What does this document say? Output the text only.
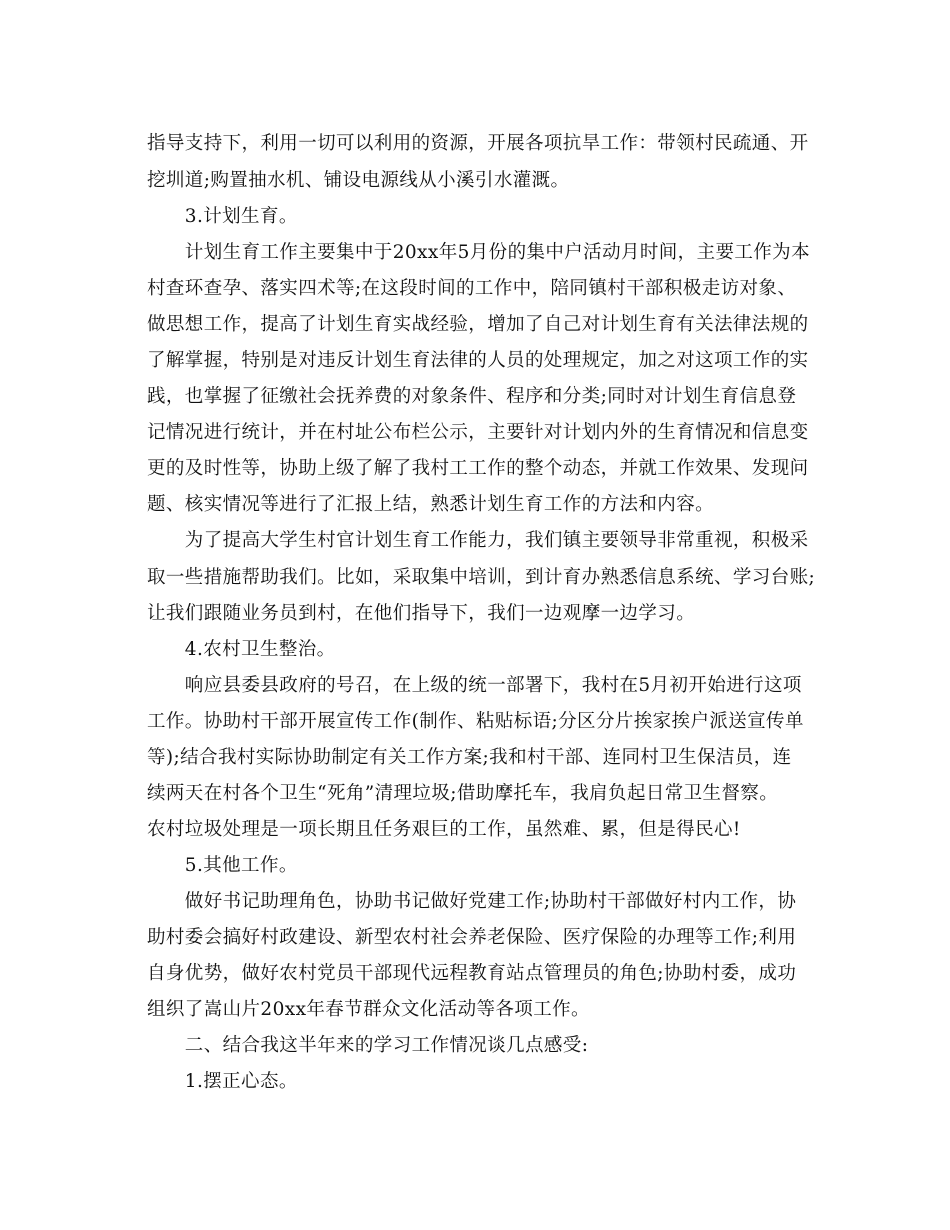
指导支持下，利用一切可以利用的资源，开展各项抗旱工作：带领村民疏通、开
挖圳道;购置抽水机、铺设电源线从小溪引水灌溉。
　　3.计划生育。
　　计划生育工作主要集中于20xx年5月份的集中户活动月时间，主要工作为本
村查环查孕、落实四术等;在这段时间的工作中，陪同镇村干部积极走访对象、
做思想工作，提高了计划生育实战经验，增加了自己对计划生育有关法律法规的
了解掌握，特别是对违反计划生育法律的人员的处理规定，加之对这项工作的实
践，也掌握了征缴社会抚养费的对象条件、程序和分类;同时对计划生育信息登
记情况进行统计，并在村址公布栏公示，主要针对计划内外的生育情况和信息变
更的及时性等，协助上级了解了我村工工作的整个动态，并就工作效果、发现问
题、核实情况等进行了汇报上结，熟悉计划生育工作的方法和内容。
　　为了提高大学生村官计划生育工作能力，我们镇主要领导非常重视，积极采
取一些措施帮助我们。比如，采取集中培训，到计育办熟悉信息系统、学习台账;
让我们跟随业务员到村，在他们指导下，我们一边观摩一边学习。
　　4.农村卫生整治。
　　响应县委县政府的号召，在上级的统一部署下，我村在5月初开始进行这项
工作。协助村干部开展宣传工作(制作、粘贴标语;分区分片挨家挨户派送宣传单
等);结合我村实际协助制定有关工作方案;我和村干部、连同村卫生保洁员，连
续两天在村各个卫生“死角”清理垃圾;借助摩托车，我肩负起日常卫生督察。
农村垃圾处理是一项长期且任务艰巨的工作，虽然难、累，但是得民心!
　　5.其他工作。
　　做好书记助理角色，协助书记做好党建工作;协助村干部做好村内工作，协
助村委会搞好村政建设、新型农村社会养老保险、医疗保险的办理等工作;利用
自身优势，做好农村党员干部现代远程教育站点管理员的角色;协助村委，成功
组织了嵩山片20xx年春节群众文化活动等各项工作。
　　二、结合我这半年来的学习工作情况谈几点感受:
　　1.摆正心态。
